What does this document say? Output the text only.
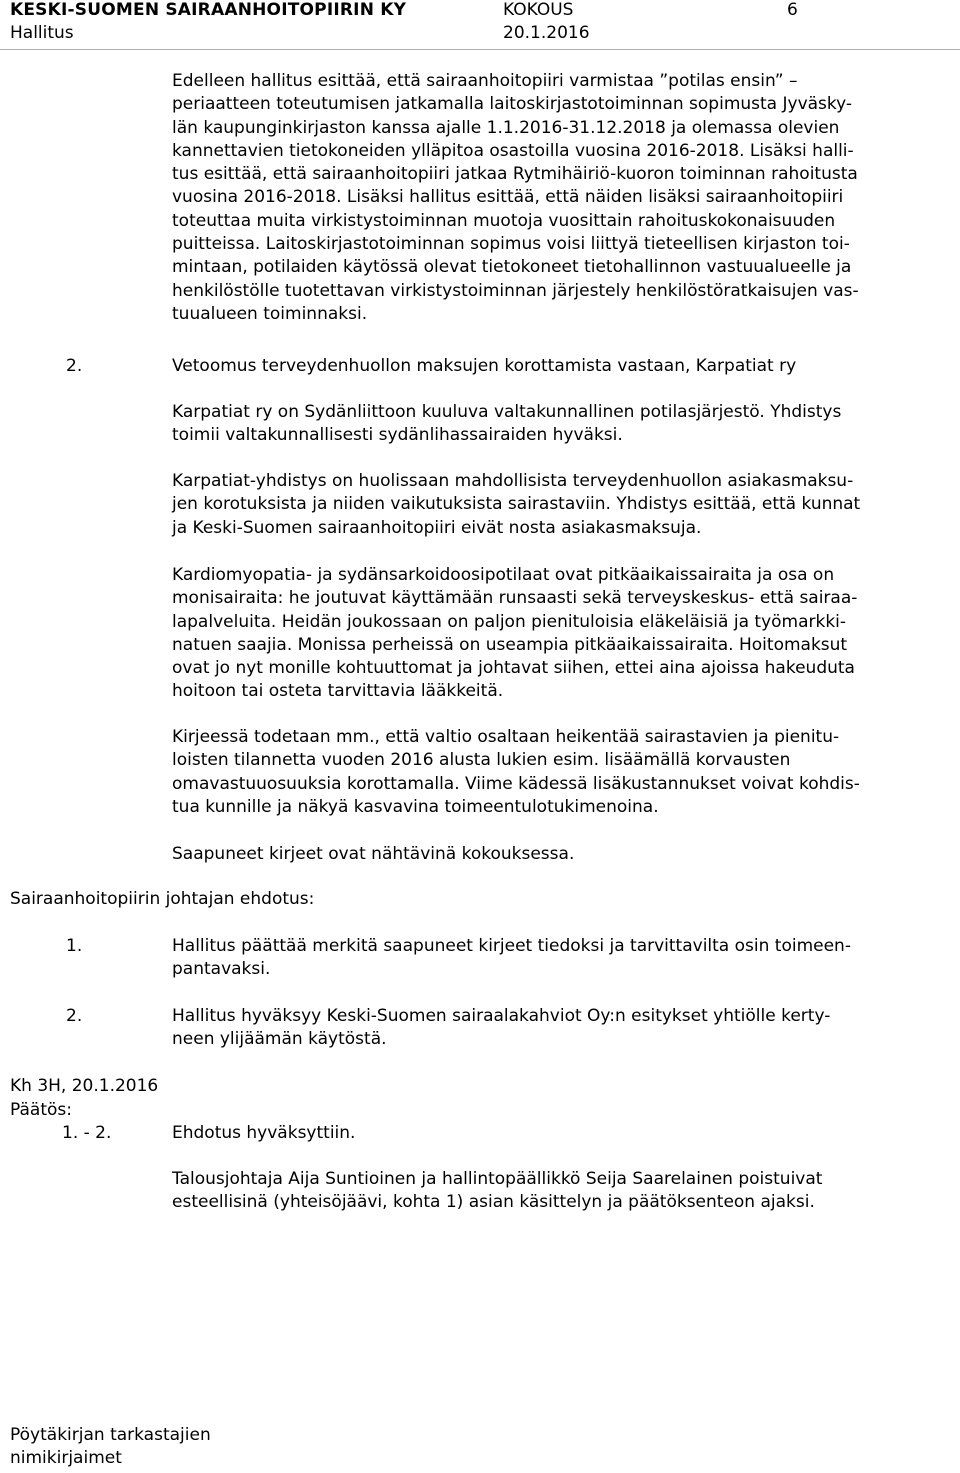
KESKI-SUOMEN SAIRAANHOITOPIIRIN KY	KOKOUS	6
Hallitus	20.1.2016
Edelleen hallitus esittää, että sairaanhoitopiiri varmistaa ”potilas ensin” –
periaatteen toteutumisen jatkamalla laitoskirjastotoiminnan sopimusta Jyväsky-
län kaupunginkirjaston kanssa ajalle 1.1.2016-31.12.2018 ja olemassa olevien
kannettavien tietokoneiden ylläpitoa osastoilla vuosina 2016-2018. Lisäksi halli-
tus esittää, että sairaanhoitopiiri jatkaa Rytmihäiriö-kuoron toiminnan rahoitusta
vuosina 2016-2018. Lisäksi hallitus esittää, että näiden lisäksi sairaanhoitopiiri
toteuttaa muita virkistystoiminnan muotoja vuosittain rahoituskokonaisuuden
puitteissa. Laitoskirjastotoiminnan sopimus voisi liittyä tieteellisen kirjaston toi-
mintaan, potilaiden käytössä olevat tietokoneet tietohallinnon vastuualueelle ja
henkilöstölle tuotettavan virkistystoiminnan järjestely henkilöstöratkaisujen vas-
tuualueen toiminnaksi.
2.	Vetoomus terveydenhuollon maksujen korottamista vastaan, Karpatiat ry
Karpatiat ry on Sydänliittoon kuuluva valtakunnallinen potilasjärjestö. Yhdistys
toimii valtakunnallisesti sydänlihassairaiden hyväksi.
Karpatiat-yhdistys on huolissaan mahdollisista terveydenhuollon asiakasmaksu-
jen korotuksista ja niiden vaikutuksista sairastaviin. Yhdistys esittää, että kunnat
ja Keski-Suomen sairaanhoitopiiri eivät nosta asiakasmaksuja.
Kardiomyopatia- ja sydänsarkoidoosipotilaat ovat pitkäaikaissairaita ja osa on
monisairaita: he joutuvat käyttämään runsaasti sekä terveyskeskus- että sairaa-
lapalveluita. Heidän joukossaan on paljon pienituloisia eläkeläisiä ja työmarkki-
natuen saajia. Monissa perheissä on useampia pitkäaikaissairaita. Hoitomaksut
ovat jo nyt monille kohtuuttomat ja johtavat siihen, ettei aina ajoissa hakeuduta
hoitoon tai osteta tarvittavia lääkkeitä.
Kirjeessä todetaan mm., että valtio osaltaan heikentää sairastavien ja pienitu-
loisten tilannetta vuoden 2016 alusta lukien esim. lisäämällä korvausten
omavastuuosuuksia korottamalla. Viime kädessä lisäkustannukset voivat kohdis-
tua kunnille ja näkyä kasvavina toimeentulotukimenoina.
Saapuneet kirjeet ovat nähtävinä kokouksessa.
Sairaanhoitopiirin johtajan ehdotus:
1.	Hallitus päättää merkitä saapuneet kirjeet tiedoksi ja tarvittavilta osin toimeen-
pantavaksi.
2.	Hallitus hyväksyy Keski-Suomen sairaalakahviot Oy:n esitykset yhtiölle kerty-
neen ylijäämän käytöstä.
Kh 3H, 20.1.2016
Päätös:
1. - 2.	Ehdotus hyväksyttiin.
Talousjohtaja Aija Suntioinen ja hallintopäällikkö Seija Saarelainen poistuivat
esteellisinä (yhteisöjäävi, kohta 1) asian käsittelyn ja päätöksenteon ajaksi.
Pöytäkirjan tarkastajien
nimikirjaimet
